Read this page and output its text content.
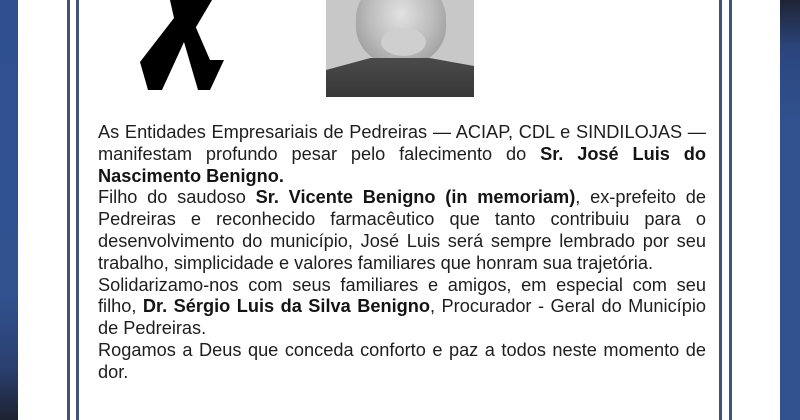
As Entidades Empresariais de Pedreiras — ACIAP, CDL e SINDILOJAS — manifestam profundo pesar pelo falecimento do Sr. José Luis do Nascimento Benigno.

Filho do saudoso Sr. Vicente Benigno (in memoriam), ex-prefeito de Pedreiras e reconhecido farmacêutico que tanto contribuiu para o desenvolvimento do município, José Luis será sempre lembrado por seu trabalho, simplicidade e valores familiares que honram sua trajetória.

Solidarizamo-nos com seus familiares e amigos, em especial com seu filho, Dr. Sérgio Luis da Silva Benigno, Procurador - Geral do Município de Pedreiras.

Rogamos a Deus que conceda conforto e paz a todos neste momento de dor.
